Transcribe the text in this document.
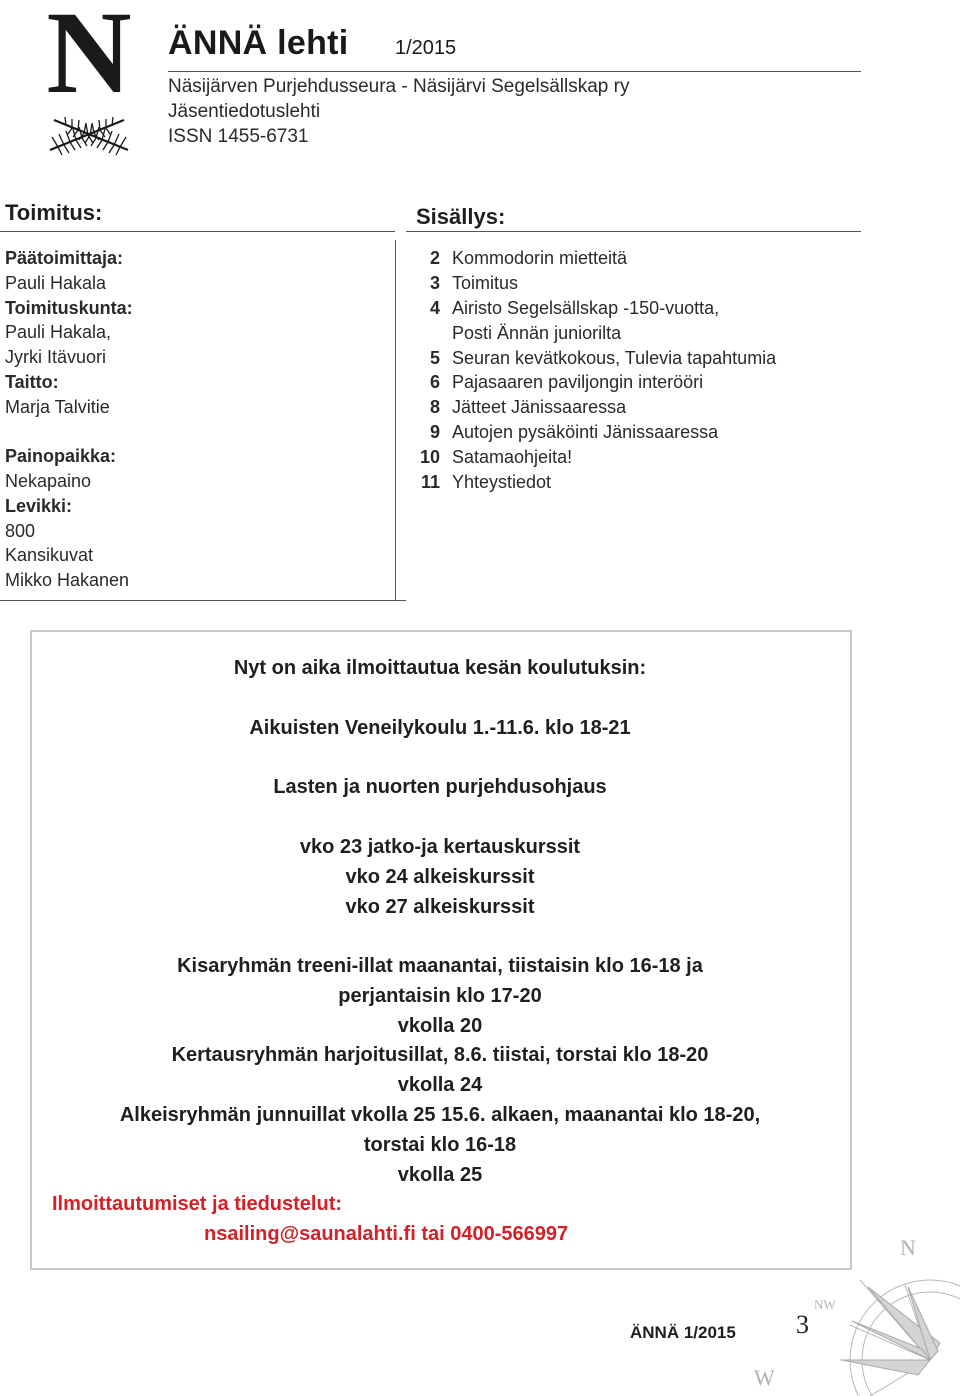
N ÄNNÄ lehti 1/2015
Näsijärven Purjehdusseura - Näsijärvi Segelsällskap ry
Jäsentiedotuslehti
ISSN 1455-6731
Toimitus:
Päätoimittaja:
Pauli Hakala
Toimituskunta:
Pauli Hakala,
Jyrki Itävuori
Taitto:
Marja Talvitie
Painopaikka:
Nekapaino
Levikki:
800
Kansikuvat
Mikko Hakanen
Sisällys:
2 Kommodorin mietteitä
3 Toimitus
4 Airisto Segelsällskap -150-vuotta,
Posti Ännän juniorilta
5 Seuran kevätkokous, Tulevia tapahtumia
6 Pajasaaren paviljongin interööri
8 Jätteet Jänissaaressa
9 Autojen pysäköinti Jänissaaressa
10 Satamaohjeita!
11 Yhteystiedot
Nyt on aika ilmoittautua kesän koulutuksin:
Aikuisten Veneilykoulu 1.-11.6. klo 18-21
Lasten ja nuorten purjehdusohjaus
vko 23 jatko-ja kertauskurssit
vko 24 alkeiskurssit
vko 27 alkeiskurssit
Kisaryhmän treeni-illat maanantai, tiistaisin klo 16-18 ja
perjantaisin klo 17-20
vkolla 20
Kertausryhmän harjoitusillat, 8.6. tiistai, torstai klo 18-20
vkolla 24
Alkeisryhmän junnuillat vkolla 25 15.6. alkaen, maanantai klo 18-20,
torstai klo 16-18
vkolla 25
Ilmoittautumiset ja tiedustelut:
nsailing@saunalahti.fi tai 0400-566997
ÄNNÄ 1/2015 3
N
NW
W
